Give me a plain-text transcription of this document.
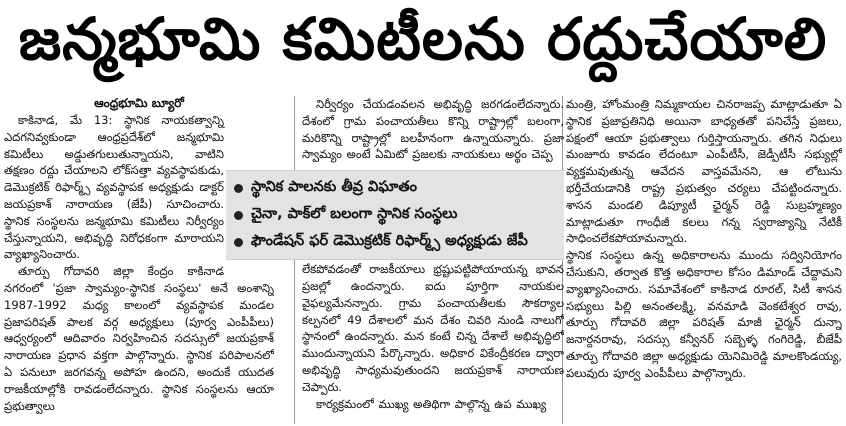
జన్మభూమి కమిటీలను రద్దుచేయాలి
ఆంధ్రభూమి బ్యూరో

కాకినాడ, మే 13: స్థానిక నాయకత్వాన్ని ఎదగనివ్వకుండా ఆంధ్రప్రదేశ్‌లో జన్మభూమి కమిటీలు అడ్డుతగులుతున్నాయని, వాటిని తక్షణం రద్దు చేయాలని లోక్‌సత్తా వ్యవస్థాపకుడు, డెమొక్రటిక్ రిఫార్మ్స్ వ్యవస్థాపక అధ్యక్షుడు డాక్టర్ జయప్రకాశ్ నారాయణ (జేపీ) సూచించారు. స్థానిక సంస్థలను జన్మభూమి కమిటీలు నిర్వీర్యం చేస్తున్నాయని, అభివృద్ధి నిరోధకంగా మారాయని వ్యాఖ్యానించారు.

తూర్పు గోదావరి జిల్లా కేంద్రం కాకినాడ నగరంలో 'ప్రజా స్వామ్యం-స్థానిక సంస్థలు' అనే అంశాన్ని 1987-1992 మధ్య కాలంలో వ్యవస్థాపక మండల ప్రజాపరిషత్ పాలక వర్గ అధ్యక్షులు (పూర్వ ఎంపీపీలు) ఆధ్వర్యంలో ఆదివారం నిర్వహించిన సదస్సులో జయప్రకాశ్ నారాయణ ప్రధాన వక్తగా పాల్గొన్నారు. స్థానిక పరిపాలనలో ఏ పనులూ జరగవన్న అపోహ ఉందని, అందుకే యుదత రాజకీయాల్లోకి రావడంలేదన్నారు. స్థానిక సంస్థలను ఆయా ప్రభుత్వాలు

నిర్వీర్యం చేయడంవలన అభివృద్ధి జరగడంలేదన్నారు. దేశంలో గ్రామ పంచాయతీలు కొన్ని రాష్ట్రాల్లో బలంగా, మరికొన్ని రాష్ట్రాల్లో బలహీనంగా ఉన్నాయన్నారు. ప్రజా స్వామ్యం అంటే ఏమిటో ప్రజలకు నాయకులు అర్థం చెప్ప

లేకపోవడంతో రాజకీయాలు భ్రష్టుపట్టిపోయాయన్న భావన ప్రజల్లో ఉందన్నారు. ఐదు పూర్తిగా నాయకుల వైఫల్యమేనన్నారు. గ్రామ పంచాయతీలకు సౌకర్యాల కల్పనలో 49 దేశాలలో మన దేశం చివరి నుండి నాలుగో స్థానంలో ఉందన్నారు. మన కంటే చిన్న దేశాలే అభివృద్ధిలో ముందున్నాయని పేర్కొన్నారు. అధికార వికేంద్రీకరణ ద్వారా అభివృద్ధి సాధ్యమవుతుందని జయప్రకాశ్ నారాయణ చెప్పారు.

కార్యక్రమంలో ముఖ్య అతిథిగా పాల్గొన్న ఉప ముఖ్య

మంత్రి, హోంమంత్రి నిమ్మకాయల చినరాజప్ప మాట్లాడుతూ ఏ స్థానిక ప్రజాప్రతినిధి అయినా బాధ్యతతో పనిచేస్తే ప్రజలు, పక్షంలో ఆయా ప్రభుత్వాలు గుర్తిస్తాయన్నారు. తగిన నిధులు మంజూరు కావడం లేదంటూ ఎంపీటీసీ, జెడ్పీటీసీ సభ్యుల్లో వ్యక్తమవుతున్న ఆవేదన వాస్తవమేనని, ఆ లోటును భర్తీచేయడానికి రాష్ట్ర ప్రభుత్వం చర్యలు చేపట్టిందన్నారు. శాసన మండలి డిప్యూటీ ఛైర్మన్ రెడ్డి సుబ్రహ్మణ్యం మాట్లాడుతూ గాంధీజీ కలలు గన్న స్వరాజ్యాన్ని నేటికీ సాధించలేకపోయామన్నారు.

స్థానిక సంస్థలు ఉన్న అధికారాలను ముందు సద్వినియోగం చేసుకుని, తర్వాత కొత్త అధికారాల కోసం డిమాండ్ చేద్దామని వ్యాఖ్యానించారు. సమావేశంలో కాకినాడ రూరల్, సిటీ శాసన సభ్యులు పిల్లి అనంతలక్ష్మి, వనమాడి వెంకటేశ్వర రావు, తూర్పు గోదావరి జిల్లా పరిషత్ మాజీ ఛైర్మన్ దున్నా జనార్దనరావు, సదస్సు కన్వీనర్ సబ్బెళ్ళ గంగిరెడ్డి, బీజేపీ తూర్పు గోదావరి జిల్లా అధ్యక్షుడు యెనిమిరెడ్డి మాలకొండయ్య, పలువురు పూర్వ ఎంపీపీలు పాల్గొన్నారు.

స్థానిక పాలనకు తీవ్ర విఘాతం
చైనా, పాక్‌లో బలంగా స్థానిక సంస్థలు
ఫౌండేషన్ ఫర్ డెమొక్రటిక్ రిఫార్మ్స్ అధ్యక్షుడు జేపీ
